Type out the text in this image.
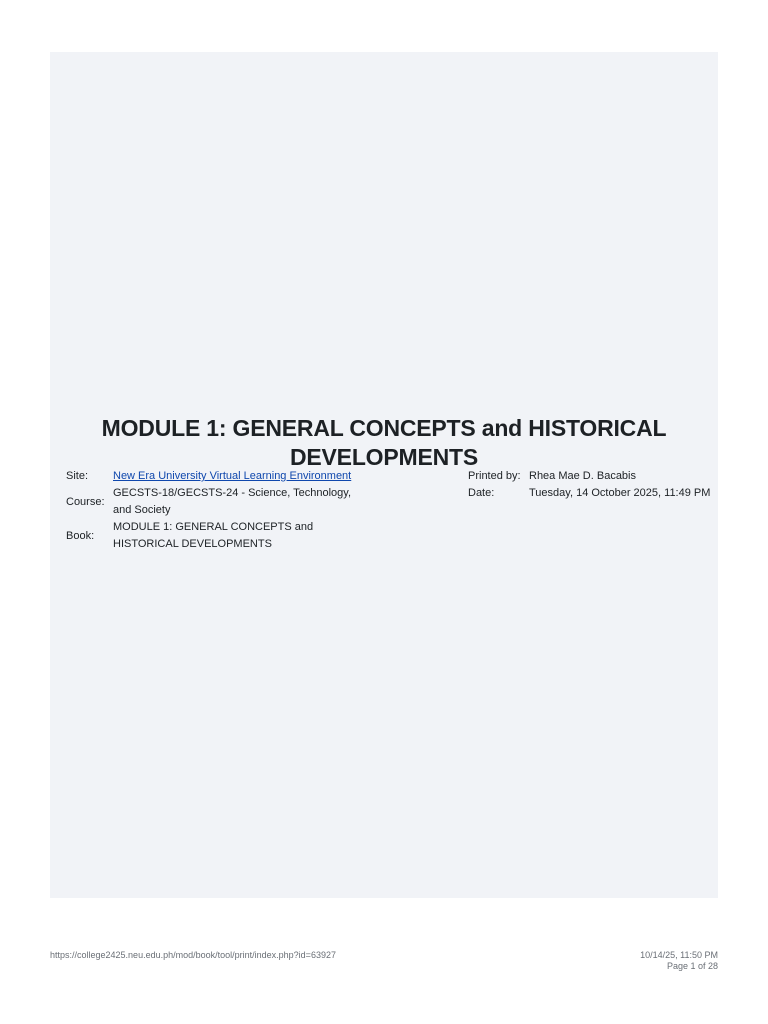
MODULE 1: GENERAL CONCEPTS and HISTORICAL
DEVELOPMENTS
Site:	New Era University Virtual Learning Environment
Course:
GECSTS-18/GECSTS-24 - Science, Technology, and Society
Book:
MODULE 1: GENERAL CONCEPTS and HISTORICAL DEVELOPMENTS
Printed by: Rhea Mae D. Bacabis
Date:	Tuesday, 14 October 2025, 11:49 PM
https://college2425.neu.edu.ph/mod/book/tool/print/index.php?id=63927	10/14/25, 11:50 PM
Page 1 of 28
